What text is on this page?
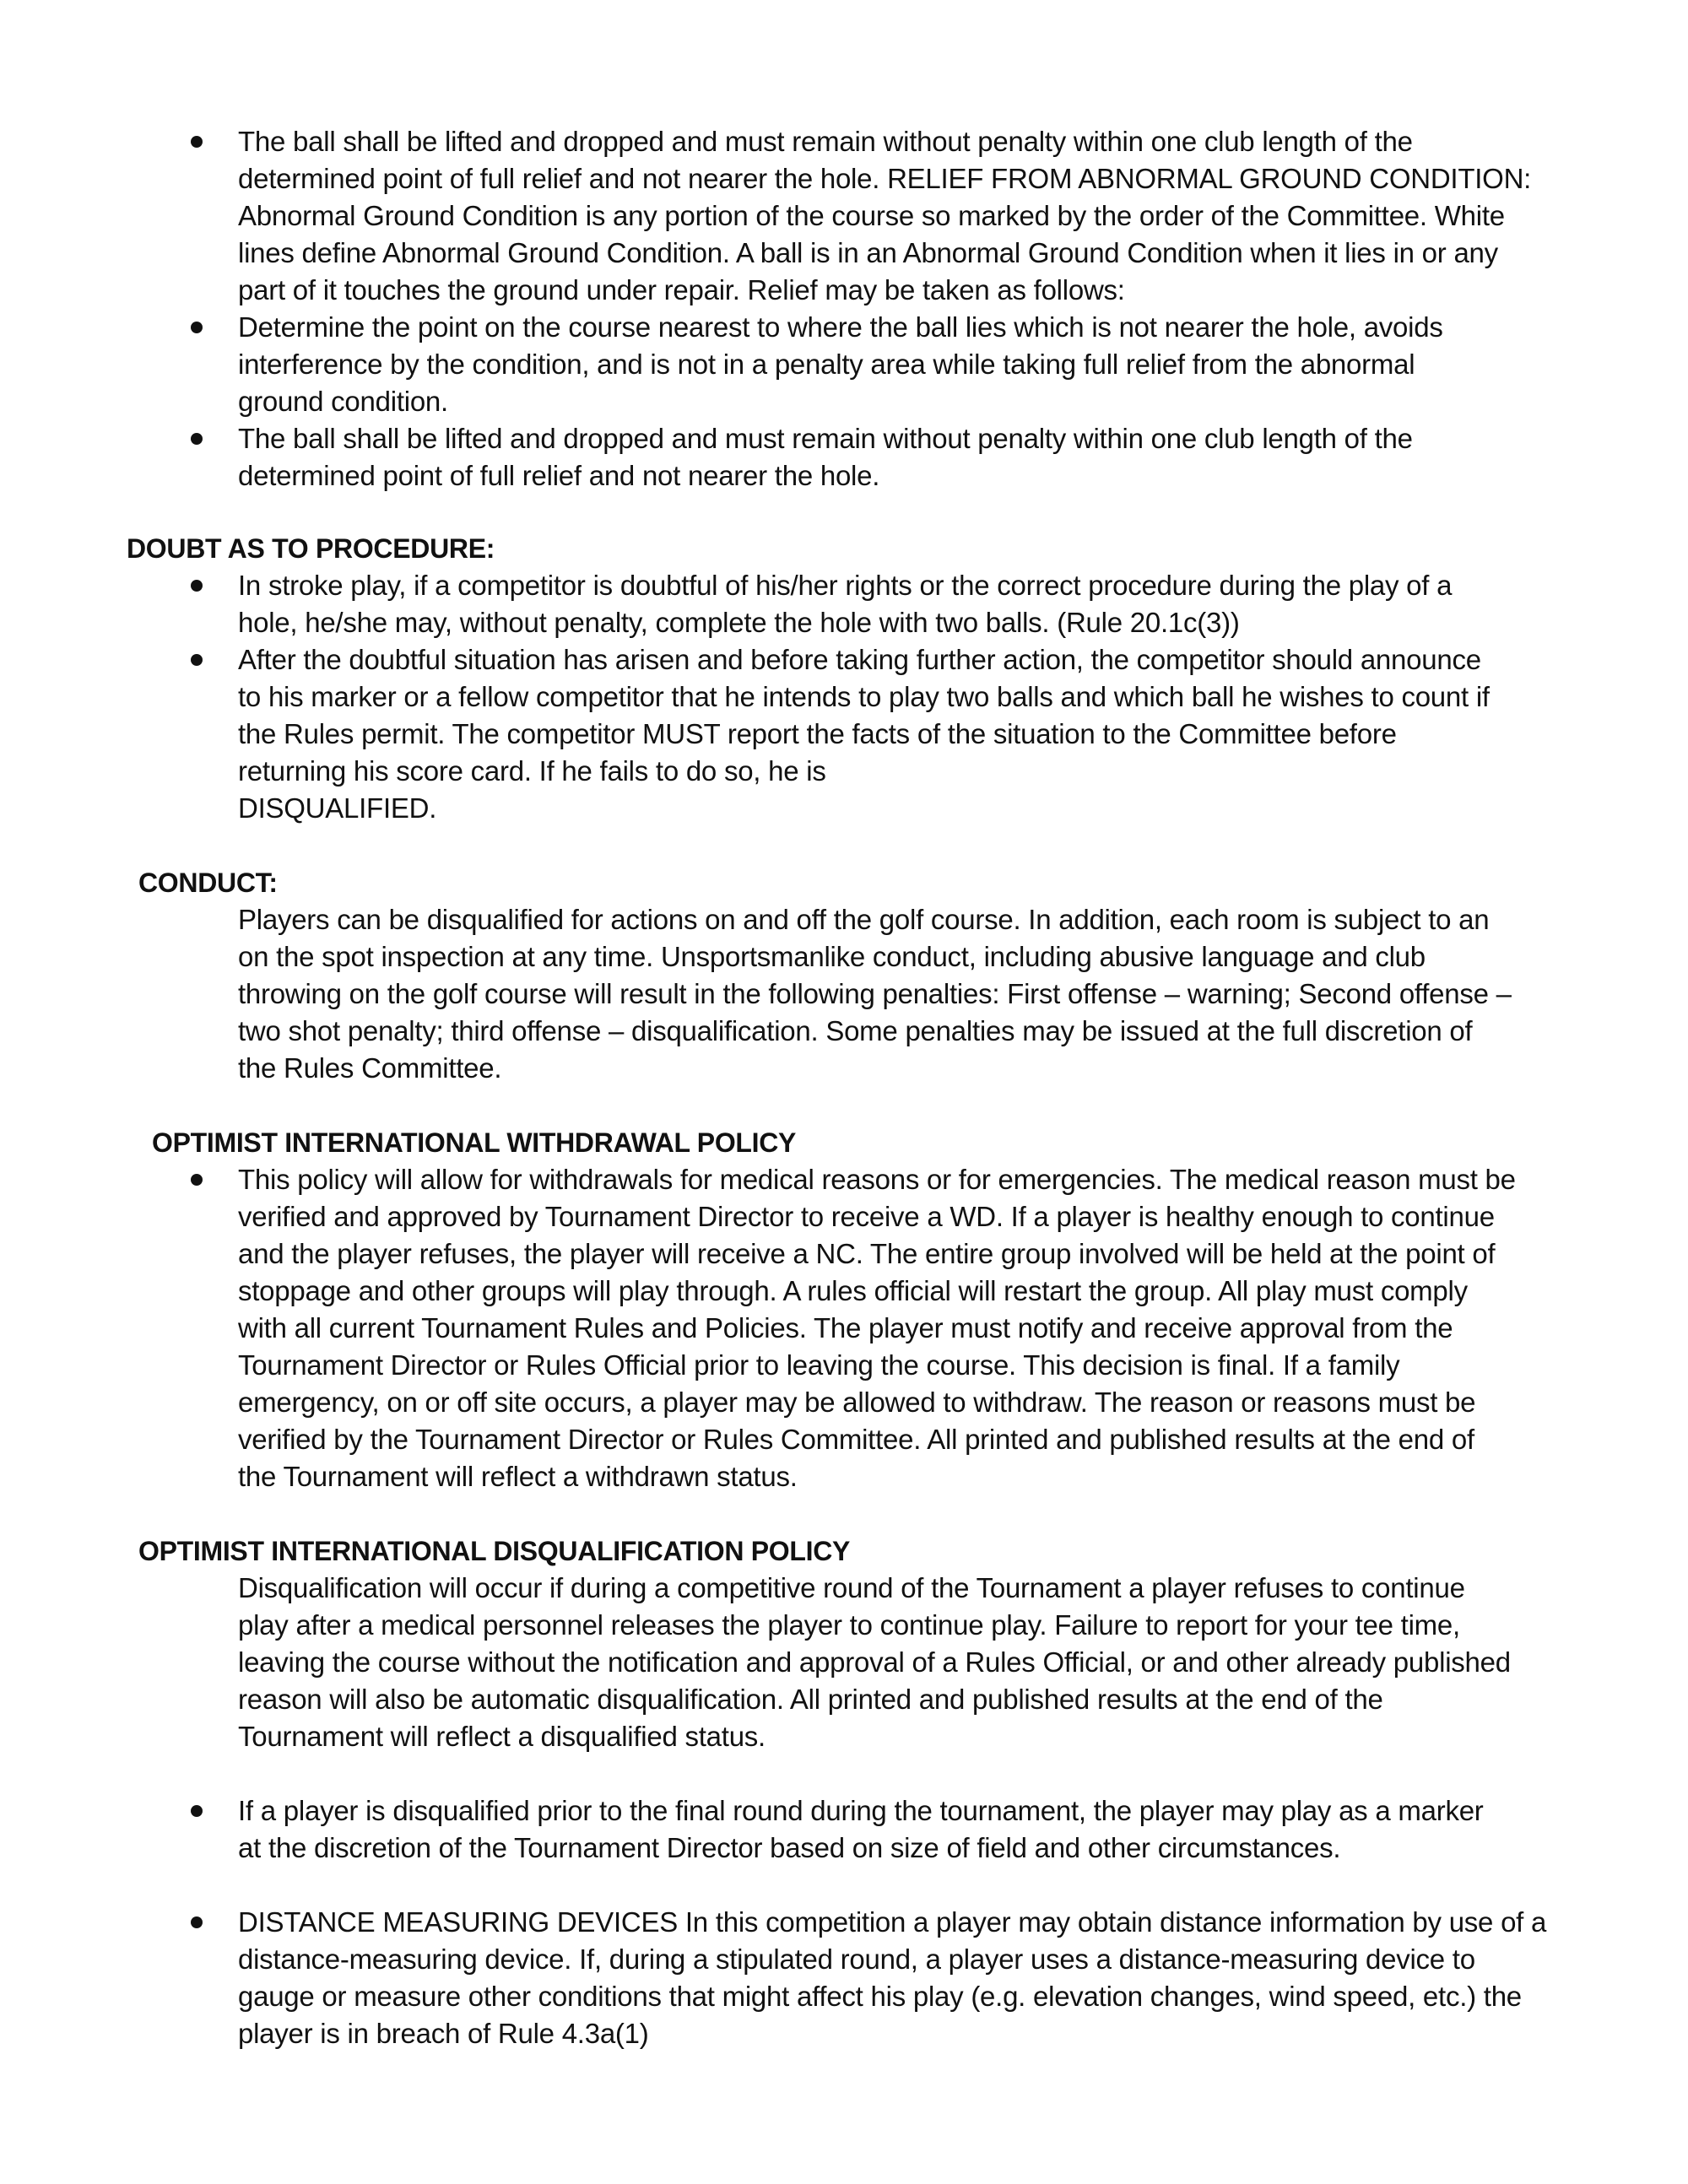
The ball shall be lifted and dropped and must remain without penalty within one club length of the
determined point of full relief and not nearer the hole. RELIEF FROM ABNORMAL GROUND CONDITION:
Abnormal Ground Condition is any portion of the course so marked by the order of the Committee. White
lines define Abnormal Ground Condition. A ball is in an Abnormal Ground Condition when it lies in or any
part of it touches the ground under repair. Relief may be taken as follows:
Determine the point on the course nearest to where the ball lies which is not nearer the hole, avoids
interference by the condition, and is not in a penalty area while taking full relief from the abnormal
ground condition.
The ball shall be lifted and dropped and must remain without penalty within one club length of the
determined point of full relief and not nearer the hole.
DOUBT AS TO PROCEDURE:
In stroke play, if a competitor is doubtful of his/her rights or the correct procedure during the play of a
hole, he/she may, without penalty, complete the hole with two balls. (Rule 20.1c(3))
After the doubtful situation has arisen and before taking further action, the competitor should announce
to his marker or a fellow competitor that he intends to play two balls and which ball he wishes to count if
the Rules permit. The competitor MUST report the facts of the situation to the Committee before
returning his score card. If he fails to do so, he is
DISQUALIFIED.
CONDUCT:
Players can be disqualified for actions on and off the golf course. In addition, each room is subject to an
on the spot inspection at any time. Unsportsmanlike conduct, including abusive language and club
throwing on the golf course will result in the following penalties: First offense – warning; Second offense –
two shot penalty; third offense – disqualification. Some penalties may be issued at the full discretion of
the Rules Committee.
OPTIMIST INTERNATIONAL WITHDRAWAL POLICY
This policy will allow for withdrawals for medical reasons or for emergencies. The medical reason must be
verified and approved by Tournament Director to receive a WD. If a player is healthy enough to continue
and the player refuses, the player will receive a NC. The entire group involved will be held at the point of
stoppage and other groups will play through. A rules official will restart the group. All play must comply
with all current Tournament Rules and Policies. The player must notify and receive approval from the
Tournament Director or Rules Official prior to leaving the course. This decision is final. If a family
emergency, on or off site occurs, a player may be allowed to withdraw. The reason or reasons must be
verified by the Tournament Director or Rules Committee. All printed and published results at the end of
the Tournament will reflect a withdrawn status.
OPTIMIST INTERNATIONAL DISQUALIFICATION POLICY
Disqualification will occur if during a competitive round of the Tournament a player refuses to continue
play after a medical personnel releases the player to continue play. Failure to report for your tee time,
leaving the course without the notification and approval of a Rules Official, or and other already published
reason will also be automatic disqualification. All printed and published results at the end of the
Tournament will reflect a disqualified status.
If a player is disqualified prior to the final round during the tournament, the player may play as a marker
at the discretion of the Tournament Director based on size of field and other circumstances.
DISTANCE MEASURING DEVICES In this competition a player may obtain distance information by use of a
distance-measuring device. If, during a stipulated round, a player uses a distance-measuring device to
gauge or measure other conditions that might affect his play (e.g. elevation changes, wind speed, etc.) the
player is in breach of Rule 4.3a(1)
